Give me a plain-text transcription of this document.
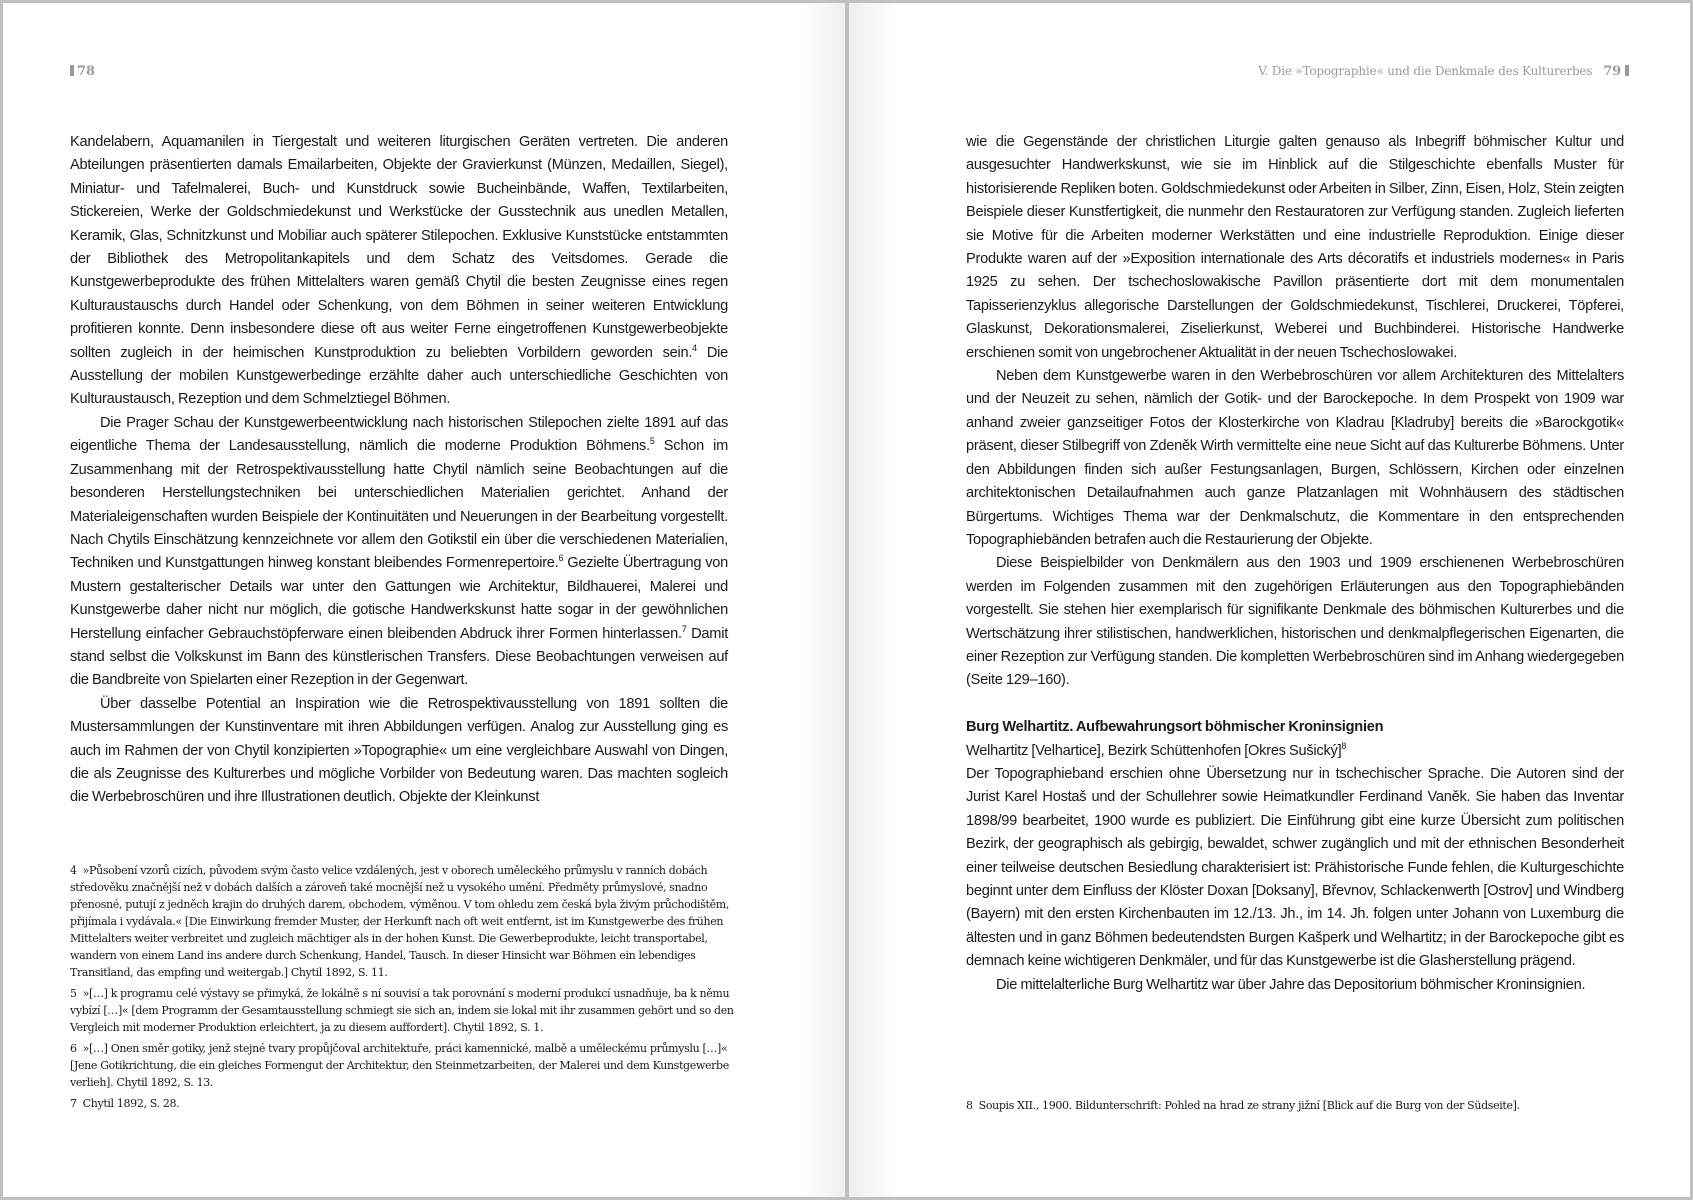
78

Kandelabern, Aquamanilen in Tiergestalt und weiteren liturgischen Geräten vertreten. Die anderen Abteilungen präsentierten damals Emailarbeiten, Objekte der Gravierkunst (Münzen, Medaillen, Siegel), Miniatur- und Tafelmalerei, Buch- und Kunstdruck sowie Bucheinbände, Waffen, Textilarbeiten, Stickereien, Werke der Goldschmiedekunst und Werkstücke der Gusstechnik aus unedlen Metallen, Keramik, Glas, Schnitzkunst und Mobiliar auch späterer Stilepochen. Exklusive Kunststücke entstammten der Bibliothek des Metropolitankapitels und dem Schatz des Veitsdomes. Gerade die Kunstgewerbeprodukte des frühen Mittelalters waren gemäß Chytil die besten Zeugnisse eines regen Kulturaustauschs durch Handel oder Schenkung, von dem Böhmen in seiner weiteren Entwicklung profitieren konnte. Denn insbesondere diese oft aus weiter Ferne eingetroffenen Kunstgewerbeobjekte sollten zugleich in der heimischen Kunstproduktion zu beliebten Vorbildern geworden sein.$^4$ Die Ausstellung der mobilen Kunstgewerbedinge erzählte daher auch unterschiedliche Geschichten von Kulturaustausch, Rezeption und dem Schmelztiegel Böhmen.

Die Prager Schau der Kunstgewerbeentwicklung nach historischen Stilepochen zielte 1891 auf das eigentliche Thema der Landesausstellung, nämlich die moderne Produktion Böhmens.$^5$ Schon im Zusammenhang mit der Retrospektivausstellung hatte Chytil nämlich seine Beobachtungen auf die besonderen Herstellungstechniken bei unterschiedlichen Materialien gerichtet. Anhand der Materialeigenschaften wurden Beispiele der Kontinuitäten und Neuerungen in der Bearbeitung vorgestellt. Nach Chytils Einschätzung kennzeichnete vor allem den Gotikstil ein über die verschiedenen Materialien, Techniken und Kunstgattungen hinweg konstant bleibendes Formenrepertoire.$^6$ Gezielte Übertragung von Mustern gestalterischer Details war unter den Gattungen wie Architektur, Bildhauerei, Malerei und Kunstgewerbe daher nicht nur möglich, die gotische Handwerkskunst hatte sogar in der gewöhnlichen Herstellung einfacher Gebrauchstöpferware einen bleibenden Abdruck ihrer Formen hinterlassen.$^7$ Damit stand selbst die Volkskunst im Bann des künstlerischen Transfers. Diese Beobachtungen verweisen auf die Bandbreite von Spielarten einer Rezeption in der Gegenwart.

Über dasselbe Potential an Inspiration wie die Retrospektivausstellung von 1891 sollten die Mustersammlungen der Kunstinventare mit ihren Abbildungen verfügen. Analog zur Ausstellung ging es auch im Rahmen der von Chytil konzipierten »Topographie« um eine vergleichbare Auswahl von Dingen, die als Zeugnisse des Kulturerbes und mögliche Vorbilder von Bedeutung waren. Das machten sogleich die Werbebroschüren und ihre Illustrationen deutlich. Objekte der Kleinkunst

4 »Působení vzorů cizích, původem svým často velice vzdálených, jest v oborech uměleckého průmyslu v ranních dobách středověku značnější než v dobách dalších a zároveň také mocnější než u vysokého umění. Předměty průmyslové, snadno přenosné, putují z jedněch krajin do druhých darem, obchodem, výměnou. V tom ohledu zem česká byla živým průchodištěm, přijímala i vydávala.« [Die Einwirkung fremder Muster, der Herkunft nach oft weit entfernt, ist im Kunstgewerbe des frühen Mittelalters weiter verbreitet und zugleich mächtiger als in der hohen Kunst. Die Gewerbeprodukte, leicht transportabel, wandern von einem Land ins andere durch Schenkung, Handel, Tausch. In dieser Hinsicht war Böhmen ein lebendiges Transitland, das empfing und weitergab.] Chytil 1892, S. 11.

5 »[…] k programu celé výstavy se přimyká, že lokálně s ní souvisí a tak porovnání s moderní produkcí usnadňuje, ba k němu vybízí […]« [dem Programm der Gesamtausstellung schmiegt sie sich an, indem sie lokal mit ihr zusammen gehört und so den Vergleich mit moderner Produktion erleichtert, ja zu diesem auffordert]. Chytil 1892, S. 1.

6 »[…] Onen směr gotiky, jenž stejné tvary propůjčoval architektuře, práci kamennické, malbě a uměleckému průmyslu […]« [Jene Gotikrichtung, die ein gleiches Formengut der Architektur, den Steinmetzarbeiten, der Malerei und dem Kunstgewerbe verlieh]. Chytil 1892, S. 13.

7 Chytil 1892, S. 28.

V. Die »Topographie« und die Denkmale des Kulturerbes 79

wie die Gegenstände der christlichen Liturgie galten genauso als Inbegriff böhmischer Kultur und ausgesuchter Handwerkskunst, wie sie im Hinblick auf die Stilgeschichte ebenfalls Muster für historisierende Repliken boten. Goldschmiedekunst oder Arbeiten in Silber, Zinn, Eisen, Holz, Stein zeigten Beispiele dieser Kunstfertigkeit, die nunmehr den Restauratoren zur Verfügung standen. Zugleich lieferten sie Motive für die Arbeiten moderner Werkstätten und eine industrielle Reproduktion. Einige dieser Produkte waren auf der »Exposition internationale des Arts décoratifs et industriels modernes« in Paris 1925 zu sehen. Der tschechoslowakische Pavillon präsentierte dort mit dem monumentalen Tapisserienzyklus allegorische Darstellungen der Goldschmiedekunst, Tischlerei, Druckerei, Töpferei, Glaskunst, Dekorationsmalerei, Ziselierkunst, Weberei und Buchbinderei. Historische Handwerke erschienen somit von ungebrochener Aktualität in der neuen Tschechoslowakei.

Neben dem Kunstgewerbe waren in den Werbebroschüren vor allem Architekturen des Mittelalters und der Neuzeit zu sehen, nämlich der Gotik- und der Barockepoche. In dem Prospekt von 1909 war anhand zweier ganzseitiger Fotos der Klosterkirche von Kladrau [Kladruby] bereits die »Barockgotik« präsent, dieser Stilbegriff von Zdeněk Wirth vermittelte eine neue Sicht auf das Kulturerbe Böhmens. Unter den Abbildungen finden sich außer Festungsanlagen, Burgen, Schlössern, Kirchen oder einzelnen architektonischen Detailaufnahmen auch ganze Platzanlagen mit Wohnhäusern des städtischen Bürgertums. Wichtiges Thema war der Denkmalschutz, die Kommentare in den entsprechenden Topographiebänden betrafen auch die Restaurierung der Objekte.

Diese Beispielbilder von Denkmälern aus den 1903 und 1909 erschienenen Werbebroschüren werden im Folgenden zusammen mit den zugehörigen Erläuterungen aus den Topographiebänden vorgestellt. Sie stehen hier exemplarisch für signifikante Denkmale des böhmischen Kulturerbes und die Wertschätzung ihrer stilistischen, handwerklichen, historischen und denkmalpflegerischen Eigenarten, die einer Rezeption zur Verfügung standen. Die kompletten Werbebroschüren sind im Anhang wiedergegeben (Seite 129–160).

Burg Welhartitz. Aufbewahrungsort böhmischer Kroninsignien

Welhartitz [Velhartice], Bezirk Schüttenhofen [Okres Sušický]$^8$

Der Topographieband erschien ohne Übersetzung nur in tschechischer Sprache. Die Autoren sind der Jurist Karel Hostaš und der Schullehrer sowie Heimatkundler Ferdinand Vaněk. Sie haben das Inventar 1898/99 bearbeitet, 1900 wurde es publiziert. Die Einführung gibt eine kurze Übersicht zum politischen Bezirk, der geographisch als gebirgig, bewaldet, schwer zugänglich und mit der ethnischen Besonderheit einer teilweise deutschen Besiedlung charakterisiert ist: Prähistorische Funde fehlen, die Kulturgeschichte beginnt unter dem Einfluss der Klöster Doxan [Doksany], Břevnov, Schlackenwerth [Ostrov] und Windberg (Bayern) mit den ersten Kirchenbauten im 12./13. Jh., im 14. Jh. folgen unter Johann von Luxemburg die ältesten und in ganz Böhmen bedeutendsten Burgen Kašperk und Welhartitz; in der Barockepoche gibt es demnach keine wichtigeren Denkmäler, und für das Kunstgewerbe ist die Glasherstellung prägend.

Die mittelalterliche Burg Welhartitz war über Jahre das Depositorium böhmischer Kroninsignien.

8 Soupis XII., 1900. Bildunterschrift: Pohled na hrad ze strany jižní [Blick auf die Burg von der Südseite].
